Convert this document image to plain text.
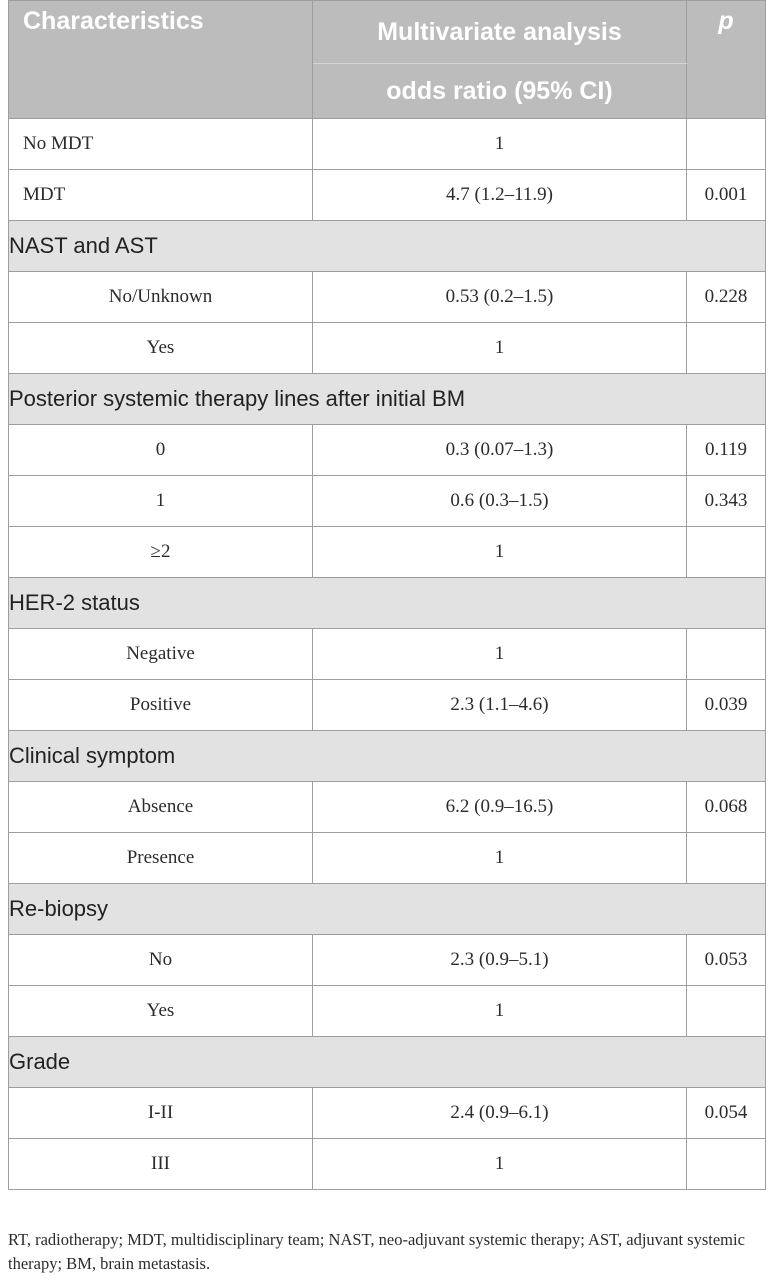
Characteristics	Multivariate analysis	p
	odds ratio (95% CI)	
No MDT	1	
MDT	4.7 (1.2–11.9)	0.001
NAST and AST		
No/Unknown	0.53 (0.2–1.5)	0.228
Yes	1	
Posterior systemic therapy lines after initial BM		
0	0.3 (0.07–1.3)	0.119
1	0.6 (0.3–1.5)	0.343
≥2	1	
HER-2 status		
Negative	1	
Positive	2.3 (1.1–4.6)	0.039
Clinical symptom		
Absence	6.2 (0.9–16.5)	0.068
Presence	1	
Re-biopsy		
No	2.3 (0.9–5.1)	0.053
Yes	1	
Grade		
I-II	2.4 (0.9–6.1)	0.054
III	1	
RT, radiotherapy; MDT, multidisciplinary team; NAST, neo-adjuvant systemic therapy; AST, adjuvant systemic therapy; BM, brain metastasis.
